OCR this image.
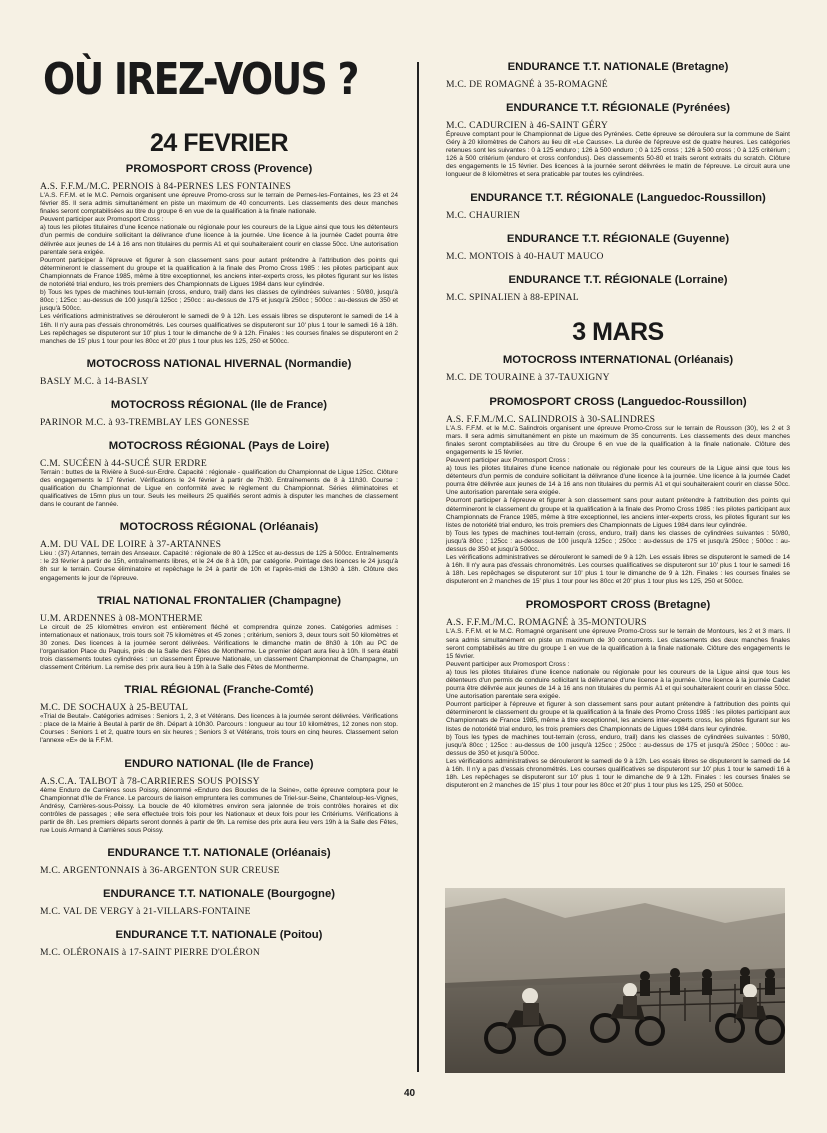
OÙ IREZ-VOUS ?
24 FEVRIER
PROMOSPORT CROSS (Provence)
A.S. F.F.M./M.C. PERNOIS à 84-PERNES LES FONTAINES

L'A.S. F.F.M. et le M.C. Pernois organisent une épreuve Promo-cross sur le terrain de Pernes-les-Fontaines, les 23 et 24 février 85. Il sera admis simultanément en piste un maximum de 40 concurrents. Les classements des deux manches finales seront comptabilisées au titre du groupe 6 en vue de la qualification à la finale nationale.

Peuvent participer aux Promosport Cross :

a) tous les pilotes titulaires d'une licence nationale ou régionale pour les coureurs de la Ligue ainsi que tous les détenteurs d'un permis de conduire sollicitant la délivrance d'une licence à la journée. Une licence à la journée Cadet pourra être délivrée aux jeunes de 14 à 16 ans non titulaires du permis A1 et qui souhaiteraient courir en classe 50cc. Une autorisation parentale sera exigée.

Pourront participer à l'épreuve et figurer à son classement sans pour autant prétendre à l'attribution des points qui détermineront le classement du groupe et la qualification à la finale des Promo Cross 1985 : les pilotes participant aux Championnats de France 1985, même à titre exceptionnel, les anciens inter-experts cross, les pilotes figurant sur les listes de notoriété trial enduro, les trois premiers des Championnats de Ligues 1984 dans leur cylindrée.

b) Tous les types de machines tout-terrain (cross, enduro, trail) dans les classes de cylindrées suivantes : 50/80, jusqu'à 80cc ; 125cc : au-dessus de 100 jusqu'à 125cc ; 250cc : au-dessus de 175 et jusqu'à 250cc ; 500cc : au-dessus de 350 et jusqu'à 500cc.

Les vérifications administratives se dérouleront le samedi de 9 à 12h. Les essais libres se disputeront le samedi de 14 à 16h. Il n'y aura pas d'essais chronométrés. Les courses qualificatives se disputeront sur 10' plus 1 tour le samedi 16 à 18h. Les repêchages se disputeront sur 10' plus 1 tour le dimanche de 9 à 12h. Finales : les courses finales se disputeront en 2 manches de 15' plus 1 tour pour les 80cc et 20' plus 1 tour plus les 125, 250 et 500cc.

MOTOCROSS NATIONAL HIVERNAL (Normandie)
BASLY M.C. à 14-BASLY
MOTOCROSS RÉGIONAL (Ile de France)
PARINOR M.C. à 93-TREMBLAY LES GONESSE
MOTOCROSS RÉGIONAL (Pays de Loire)
C.M. SUCÉEN à 44-SUCÉ SUR ERDRE

Terrain : buttes de la Rivière à Sucé-sur-Erdre. Capacité : régionale - qualification du Championnat de Ligue 125cc. Clôture des engagements le 17 février. Vérifications le 24 février à partir de 7h30. Entraînements de 8 à 11h30. Course : qualification du Championnat de Ligue en conformité avec le règlement du Championnat. Séries éliminatoires et qualificatives de 15mn plus un tour. Seuls les meilleurs 25 qualifiés seront admis à disputer les manches de classement dans le courant de l'année.

MOTOCROSS RÉGIONAL (Orléanais)
A.M. DU VAL DE LOIRE à 37-ARTANNES

Lieu : (37) Artannes, terrain des Anseaux. Capacité : régionale de 80 à 125cc et au-dessus de 125 à 500cc. Entraînements : le 23 février à partir de 15h, entraînements libres, et le 24 de 8 à 10h, par catégorie. Pointage des licences le 24 jusqu'à 8h sur le terrain. Course éliminatoire et repêchage le 24 à partir de 10h et l'après-midi de 13h30 à 18h. Clôture des engagements le jour de l'épreuve.

TRIAL NATIONAL FRONTALIER (Champagne)
U.M. ARDENNES à 08-MONTHERME

Le circuit de 25 kilomètres environ est entièrement fléché et comprendra quinze zones. Catégories admises : internationaux et nationaux, trois tours soit 75 kilomètres et 45 zones ; critérium, seniors 3, deux tours soit 50 kilomètres et 30 zones. Des licences à la journée seront délivrées. Vérifications le dimanche matin de 8h30 à 10h au PC de l'organisation Place du Paquis, près de la Salle des Fêtes de Montherme. Le premier départ aura lieu à 10h. Il sera établi trois classements toutes cylindrées : un classement Épreuve Nationale, un classement Championnat de Champagne, un classement Critérium. La remise des prix aura lieu à 19h à la Salle des Fêtes de Montherme.

TRIAL RÉGIONAL (Franche-Comté)
M.C. DE SOCHAUX à 25-BEUTAL

«Trial de Beutal». Catégories admises : Seniors 1, 2, 3 et Vétérans. Des licences à la journée seront délivrées. Vérifications : place de la Mairie à Beutal à partir de 8h. Départ à 10h30. Parcours : longueur au tour 10 kilomètres, 12 zones non stop. Courses : Seniors 1 et 2, quatre tours en six heures ; Seniors 3 et Vétérans, trois tours en cinq heures. Classement selon l'annexe «E» de la F.F.M.

ENDURO NATIONAL (Ile de France)
A.S.C.A. TALBOT à 78-CARRIERES SOUS POISSY

4ème Enduro de Carrières sous Poissy, dénommé «Enduro des Boucles de la Seine», cette épreuve comptera pour le Championnat d'Ile de France. Le parcours de liaison empruntera les communes de Triel-sur-Seine, Chanteloup-les-Vignes, Andrésy, Carrières-sous-Poissy. La boucle de 40 kilomètres environ sera jalonnée de trois contrôles horaires et dix contrôles de passages ; elle sera effectuée trois fois pour les Nationaux et deux fois pour les Critériums. Vérifications à partir de 8h. Les premiers départs seront donnés à partir de 9h. La remise des prix aura lieu vers 19h à la Salle des Fêtes, rue Louis Armand à Carrières sous Poissy.

ENDURANCE T.T. NATIONALE (Orléanais)
M.C. ARGENTONNAIS à 36-ARGENTON SUR CREUSE
ENDURANCE T.T. NATIONALE (Bourgogne)
M.C. VAL DE VERGY à 21-VILLARS-FONTAINE
ENDURANCE T.T. NATIONALE (Poitou)
M.C. OLÉRONAIS à 17-SAINT PIERRE D'OLÉRON
ENDURANCE T.T. NATIONALE (Bretagne)
M.C. DE ROMAGNÉ à 35-ROMAGNÉ
ENDURANCE T.T. RÉGIONALE (Pyrénées)
M.C. CADURCIEN à 46-SAINT GÉRY

Épreuve comptant pour le Championnat de Ligue des Pyrénées. Cette épreuve se déroulera sur la commune de Saint Géry à 20 kilomètres de Cahors au lieu dit «Le Causse». La durée de l'épreuve est de quatre heures. Les catégories retenues sont les suivantes : 0 à 125 enduro ; 126 à 500 enduro ; 0 à 125 cross ; 126 à 500 cross ; 0 à 125 critérium ; 126 à 500 critérium (enduro et cross confondus). Des classements 50-80 et trails seront extraits du scratch. Clôture des engagements le 15 février. Des licences à la journée seront délivrées le matin de l'épreuve. Le circuit aura une longueur de 8 kilomètres et sera praticable par toutes les cylindrées.

ENDURANCE T.T. RÉGIONALE (Languedoc-Roussillon)
M.C. CHAURIEN
ENDURANCE T.T. RÉGIONALE (Guyenne)
M.C. MONTOIS à 40-HAUT MAUCO
ENDURANCE T.T. RÉGIONALE (Lorraine)
M.C. SPINALIEN à 88-EPINAL
3 MARS
MOTOCROSS INTERNATIONAL (Orléanais)
M.C. DE TOURAINE à 37-TAUXIGNY
PROMOSPORT CROSS (Languedoc-Roussillon)
A.S. F.F.M./M.C. SALINDROIS à 30-SALINDRES

L'A.S. F.F.M. et le M.C. Salindrois organisent une épreuve Promo-Cross sur le terrain de Rousson (30), les 2 et 3 mars. Il sera admis simultanément en piste un maximum de 35 concurrents. Les classements des deux manches finales seront comptabilisées au titre du Groupe 6 en vue de la qualification à la finale nationale. Clôture des engagements le 15 février.

Peuvent participer aux Promosport Cross :

a) tous les pilotes titulaires d'une licence nationale ou régionale pour les coureurs de la Ligue ainsi que tous les détenteurs d'un permis de conduire sollicitant la délivrance d'une licence à la journée. Une licence à la journée Cadet pourra être délivrée aux jeunes de 14 à 16 ans non titulaires du permis A1 et qui souhaiteraient courir en classe 50cc. Une autorisation parentale sera exigée.

Pourront participer à l'épreuve et figurer à son classement sans pour autant prétendre à l'attribution des points qui détermineront le classement du groupe et la qualification à la finale des Promo Cross 1985 : les pilotes participant aux Championnats de France 1985, même à titre exceptionnel, les anciens inter-experts cross, les pilotes figurant sur les listes de notoriété trial enduro, les trois premiers des Championnats de Ligues 1984 dans leur cylindrée.

b) Tous les types de machines tout-terrain (cross, enduro, trail) dans les classes de cylindrées suivantes : 50/80, jusqu'à 80cc ; 125cc : au-dessus de 100 jusqu'à 125cc ; 250cc : au-dessus de 175 et jusqu'à 250cc ; 500cc : au-dessus de 350 et jusqu'à 500cc.

Les vérifications administratives se dérouleront le samedi de 9 à 12h. Les essais libres se disputeront le samedi de 14 à 16h. Il n'y aura pas d'essais chronométrés. Les courses qualificatives se disputeront sur 10' plus 1 tour le samedi 16 à 18h. Les repêchages se disputeront sur 10' plus 1 tour le dimanche de 9 à 12h. Finales : les courses finales se disputeront en 2 manches de 15' plus 1 tour pour les 80cc et 20' plus 1 tour plus les 125, 250 et 500cc.

PROMOSPORT CROSS (Bretagne)
A.S. F.F.M./M.C. ROMAGNÉ à 35-MONTOURS

L'A.S. F.F.M. et le M.C. Romagné organisent une épreuve Promo-Cross sur le terrain de Montours, les 2 et 3 mars. Il sera admis simultanément en piste un maximum de 30 concurrents. Les classements des deux manches finales seront comptabilisés au titre du groupe 1 en vue de la qualification à la finale nationale. Clôture des engagements le 15 février.

Peuvent participer aux Promosport Cross :

a) tous les pilotes titulaires d'une licence nationale ou régionale pour les coureurs de la Ligue ainsi que tous les détenteurs d'un permis de conduire sollicitant la délivrance d'une licence à la journée. Une licence à la journée Cadet pourra être délivrée aux jeunes de 14 à 16 ans non titulaires du permis A1 et qui souhaiteraient courir en classe 50cc. Une autorisation parentale sera exigée.

Pourront participer à l'épreuve et figurer à son classement sans pour autant prétendre à l'attribution des points qui détermineront le classement du groupe et la qualification à la finale des Promo Cross 1985 : les pilotes participant aux Championnats de France 1985, même à titre exceptionnel, les anciens inter-experts cross, les pilotes figurant sur les listes de notoriété trial enduro, les trois premiers des Championnats de Ligues 1984 dans leur cylindrée.

b) Tous les types de machines tout-terrain (cross, enduro, trail) dans les classes de cylindrées suivantes : 50/80, jusqu'à 80cc ; 125cc : au-dessus de 100 jusqu'à 125cc ; 250cc : au-dessus de 175 et jusqu'à 250cc ; 500cc : au-dessus de 350 et jusqu'à 500cc.

Les vérifications administratives se dérouleront le samedi de 9 à 12h. Les essais libres se disputeront le samedi de 14 à 16h. Il n'y a pas d'essais chronométrés. Les courses qualificatives se disputeront sur 10' plus 1 tour le samedi 16 à 18h. Les repêchages se disputeront sur 10' plus 1 tour le dimanche de 9 à 12h. Finales : les courses finales se disputeront en 2 manches de 15' plus 1 tour pour les 80cc et 20' plus 1 tour plus les 125, 250 et 500cc.

40
